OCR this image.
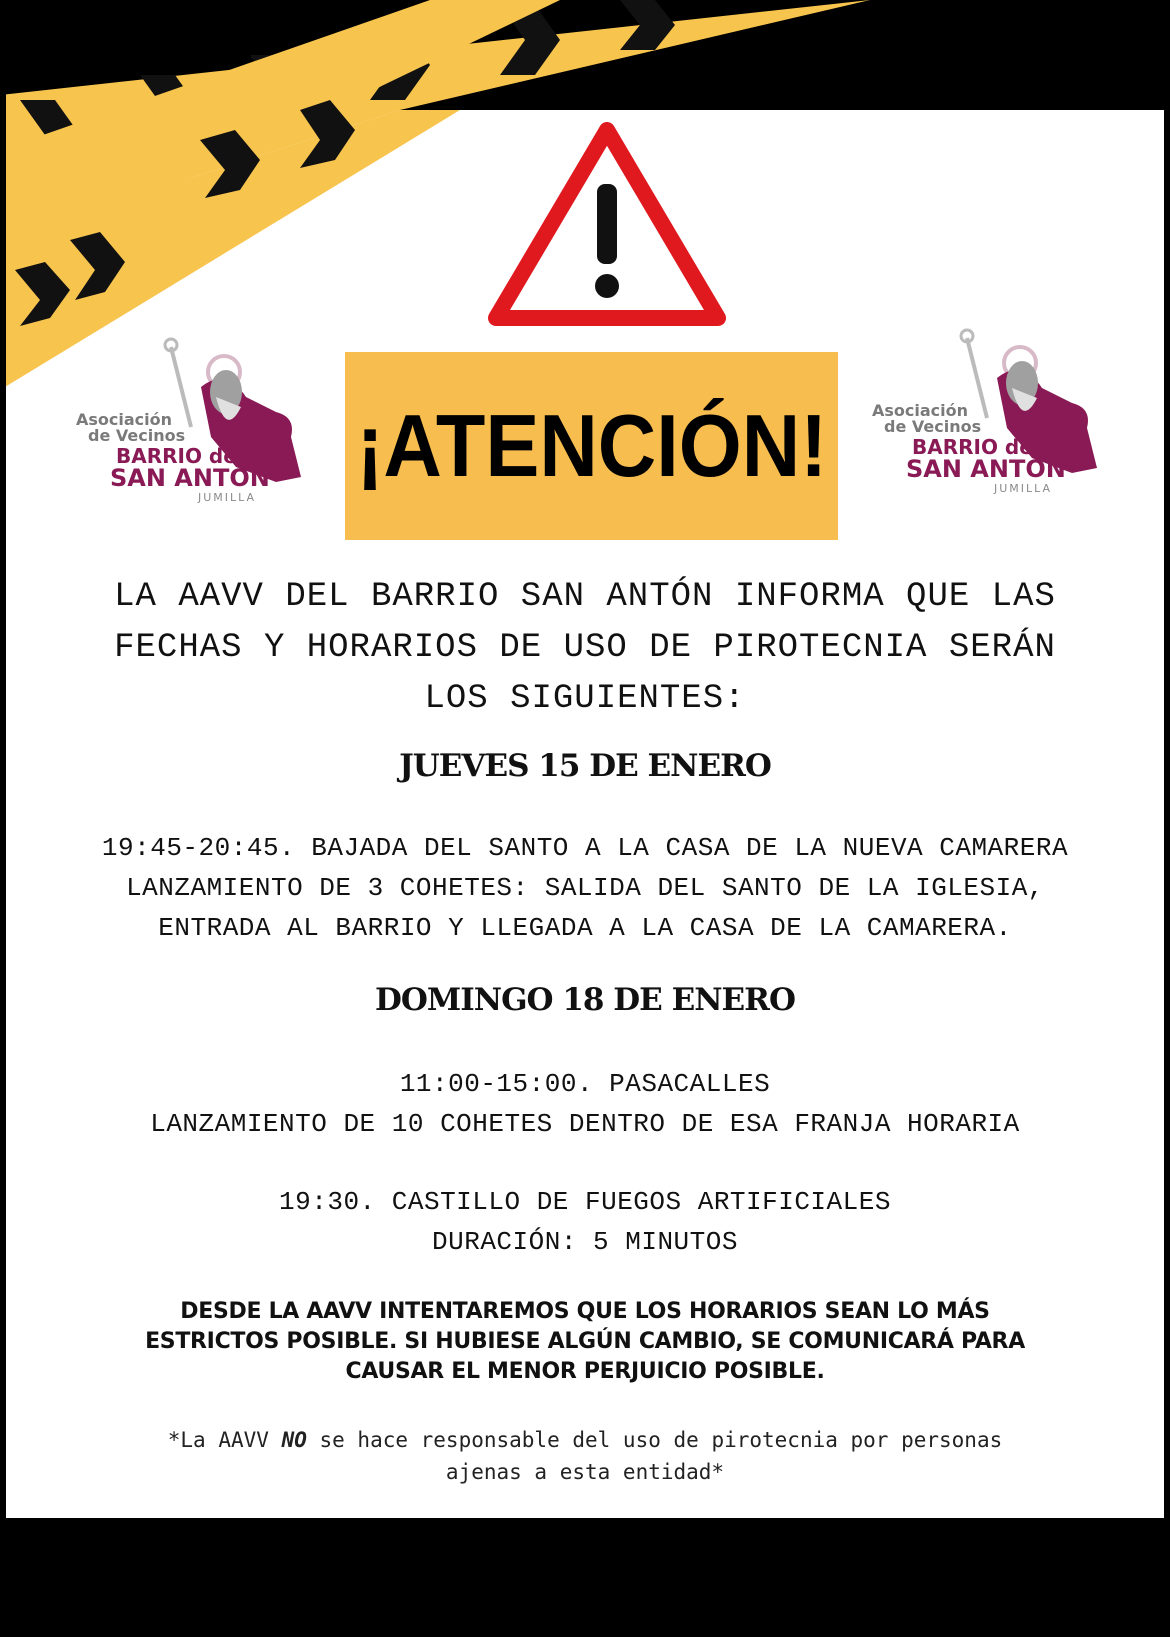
¡ATENCIÓN!
Asociación
de Vecinos
BARRIO de
SAN ANTÓN
JUMILLA
Asociación
de Vecinos
BARRIO de
SAN ANTÓN
JUMILLA
LA AAVV DEL BARRIO SAN ANTÓN INFORMA QUE LAS
FECHAS Y HORARIOS DE USO DE PIROTECNIA SERÁN
LOS SIGUIENTES:
JUEVES 15 DE ENERO
19:45-20:45. BAJADA DEL SANTO A LA CASA DE LA NUEVA CAMARERA
LANZAMIENTO DE 3 COHETES: SALIDA DEL SANTO DE LA IGLESIA,
ENTRADA AL BARRIO Y LLEGADA A LA CASA DE LA CAMARERA.
DOMINGO 18 DE ENERO
11:00-15:00. PASACALLES
LANZAMIENTO DE 10 COHETES DENTRO DE ESA FRANJA HORARIA
19:30. CASTILLO DE FUEGOS ARTIFICIALES
DURACIÓN: 5 MINUTOS
DESDE LA AAVV INTENTAREMOS QUE LOS HORARIOS SEAN LO MÁS
ESTRICTOS POSIBLE. SI HUBIESE ALGÚN CAMBIO, SE COMUNICARÁ PARA
CAUSAR EL MENOR PERJUICIO POSIBLE.
*La AAVV NO se hace responsable del uso de pirotecnia por personas
ajenas a esta entidad*
